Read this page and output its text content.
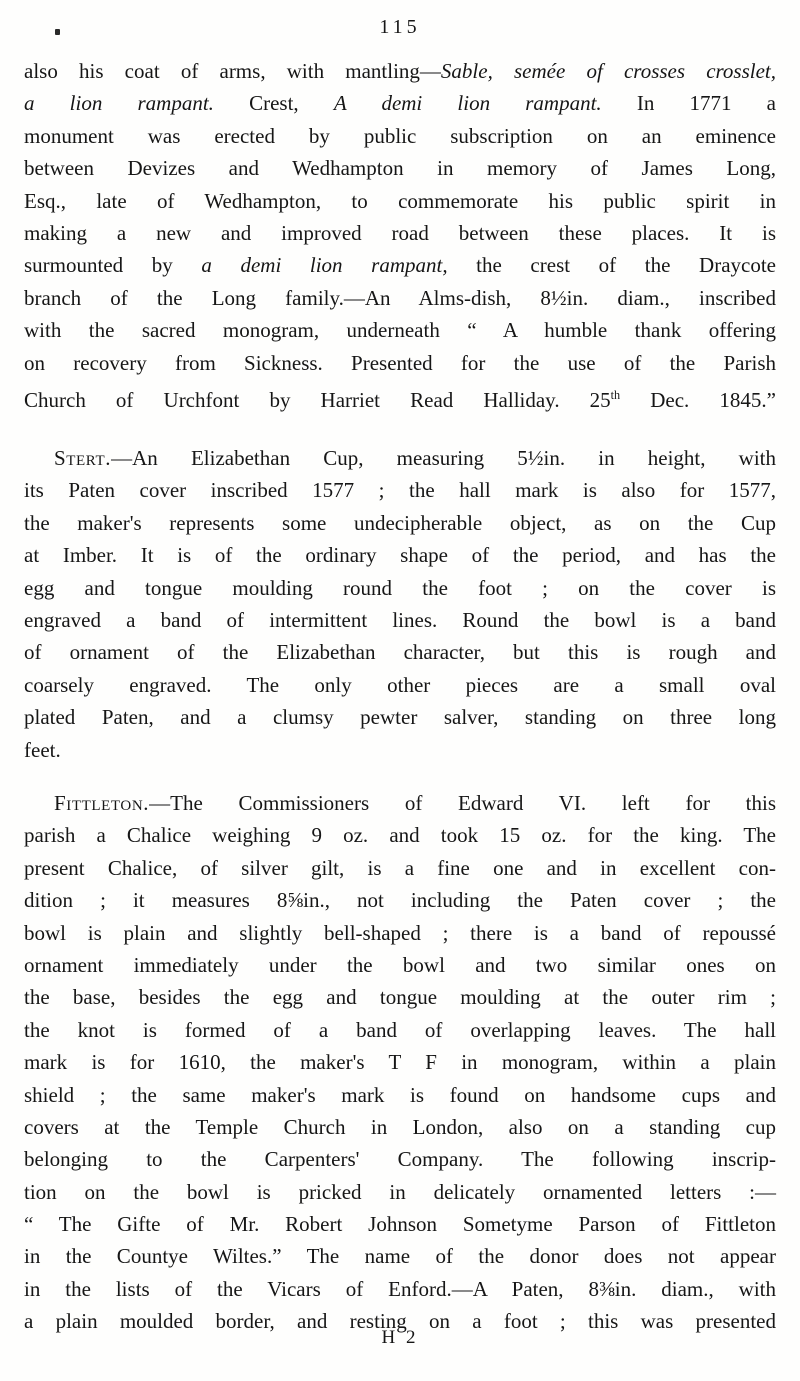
115
also his coat of arms, with mantling—Sable, semée of crosses crosslet,
a lion rampant. Crest, A demi lion rampant. In 1771 a
monument was erected by public subscription on an eminence
between Devizes and Wedhampton in memory of James Long,
Esq., late of Wedhampton, to commemorate his public spirit in
making a new and improved road between these places. It is
surmounted by a demi lion rampant, the crest of the Draycote
branch of the Long family.—An Alms-dish, 8½in. diam., inscribed
with the sacred monogram, underneath “ A humble thank offering
on recovery from Sickness. Presented for the use of the Parish
Church of Urchfont by Harriet Read Halliday. 25th Dec. 1845.”
Stert.—An Elizabethan Cup, measuring 5½in. in height, with
its Paten cover inscribed 1577 ; the hall mark is also for 1577,
the maker's represents some undecipherable object, as on the Cup
at Imber. It is of the ordinary shape of the period, and has the
egg and tongue moulding round the foot ; on the cover is
engraved a band of intermittent lines. Round the bowl is a band
of ornament of the Elizabethan character, but this is rough and
coarsely engraved. The only other pieces are a small oval
plated Paten, and a clumsy pewter salver, standing on three long
feet.
Fittleton.—The Commissioners of Edward VI. left for this
parish a Chalice weighing 9 oz. and took 15 oz. for the king. The
present Chalice, of silver gilt, is a fine one and in excellent con-
dition ; it measures 8⅝in., not including the Paten cover ; the
bowl is plain and slightly bell-shaped ; there is a band of repoussé
ornament immediately under the bowl and two similar ones on
the base, besides the egg and tongue moulding at the outer rim ;
the knot is formed of a band of overlapping leaves. The hall
mark is for 1610, the maker's T F in monogram, within a plain
shield ; the same maker's mark is found on handsome cups and
covers at the Temple Church in London, also on a standing cup
belonging to the Carpenters' Company. The following inscrip-
tion on the bowl is pricked in delicately ornamented letters :—
“ The Gifte of Mr. Robert Johnson Sometyme Parson of Fittleton
in the Countye Wiltes.” The name of the donor does not appear
in the lists of the Vicars of Enford.—A Paten, 8⅜in. diam., with
a plain moulded border, and resting on a foot ; this was presented
H 2
